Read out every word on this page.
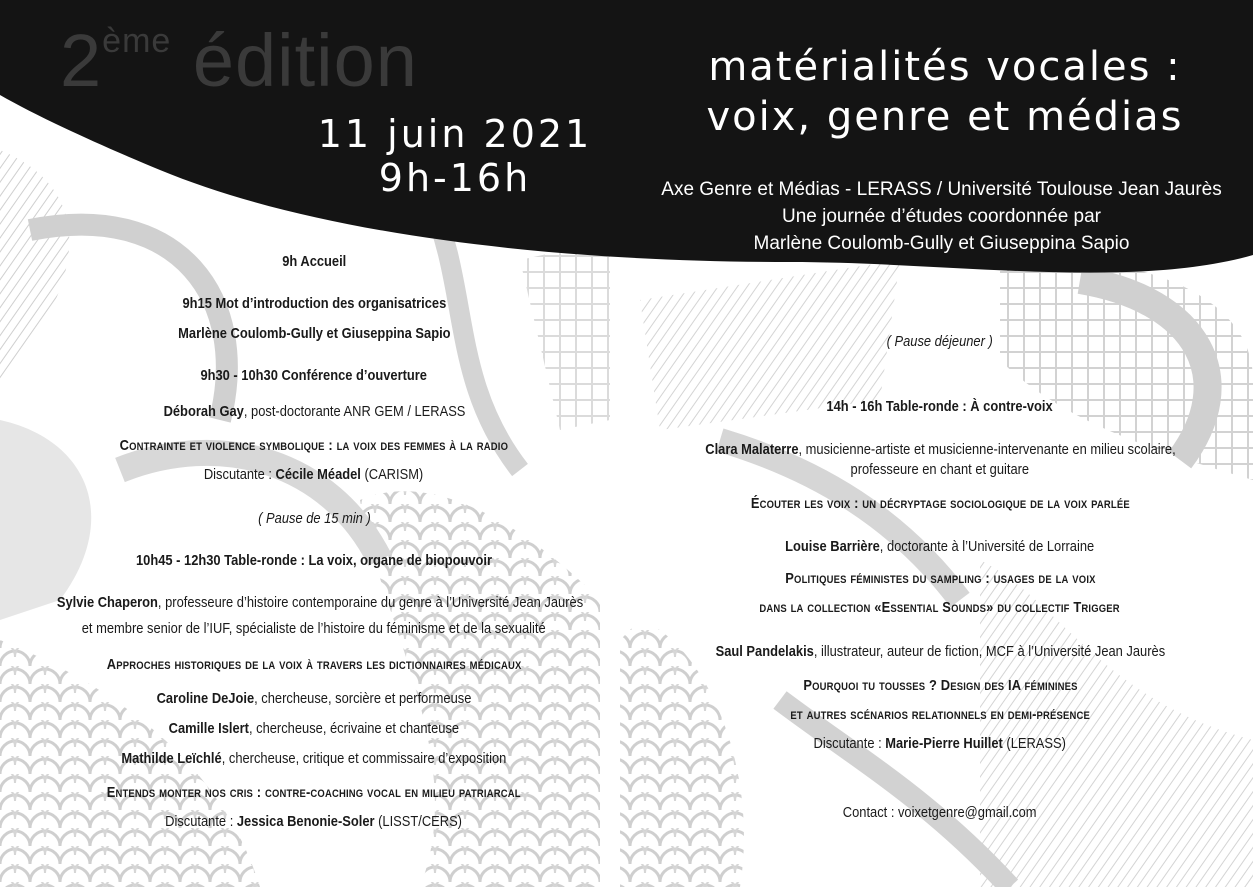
2ème édition
11 juin 2021
9h-16h
matérialités vocales :
voix, genre et médias
Axe Genre et Médias - LERASS / Université Toulouse Jean Jaurès
Une journée d’études coordonnée par
Marlène Coulomb-Gully et Giuseppina Sapio
9h Accueil
9h15 Mot d’introduction des organisatrices
Marlène Coulomb-Gully et Giuseppina Sapio
9h30 - 10h30 Conférence d’ouverture
Déborah Gay, post-doctorante ANR GEM / LERASS
Contrainte et violence symbolique : la voix des femmes à la radio
Discutante : Cécile Méadel (CARISM)
( Pause de 15 min )
10h45 - 12h30 Table-ronde : La voix, organe de biopouvoir
Sylvie Chaperon, professeure d’histoire contemporaine du genre à l’Université Jean Jaurès
et membre senior de l’IUF, spécialiste de l’histoire du féminisme et de la sexualité
Approches historiques de la voix à travers les dictionnaires médicaux
Caroline DeJoie, chercheuse, sorcière et performeuse
Camille Islert, chercheuse, écrivaine et chanteuse
Mathilde Leïchlé, chercheuse, critique et commissaire d’exposition
Entends monter nos cris : contre-coaching vocal en milieu patriarcal
Discutante : Jessica Benonie-Soler (LISST/CERS)
( Pause déjeuner )
14h - 16h Table-ronde : À contre-voix
Clara Malaterre, musicienne-artiste et musicienne-intervenante en milieu scolaire,
professeure en chant et guitare
Écouter les voix : un décryptage sociologique de la voix parlée
Louise Barrière, doctorante à l’Université de Lorraine
Politiques féministes du sampling : usages de la voix
dans la collection «Essential Sounds» du collectif Trigger
Saul Pandelakis, illustrateur, auteur de fiction, MCF à l’Université Jean Jaurès
Pourquoi tu tousses ? Design des IA féminines
et autres scénarios relationnels en demi-présence
Discutante : Marie-Pierre Huillet (LERASS)
Contact : voixetgenre@gmail.com
